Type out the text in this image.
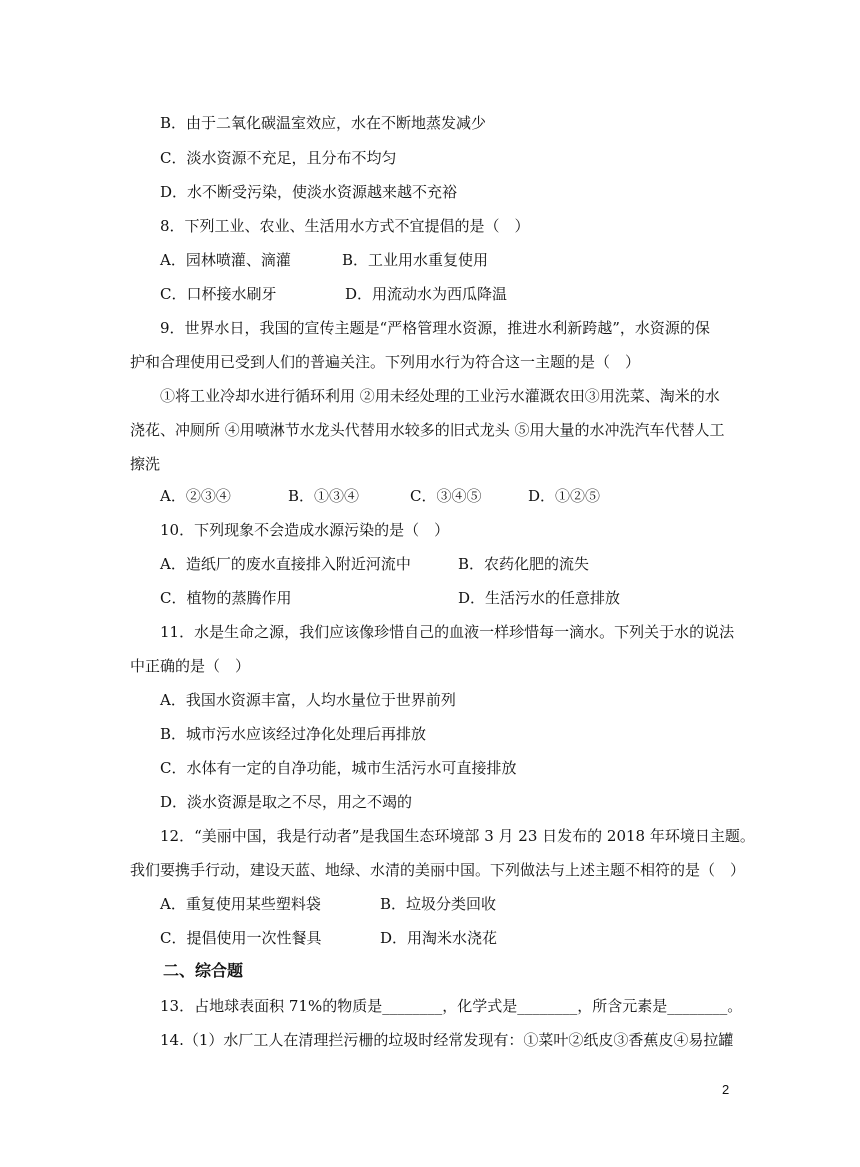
B．由于二氧化碳温室效应，水在不断地蒸发减少
C．淡水资源不充足，且分布不均匀
D．水不断受污染，使淡水资源越来越不充裕
8．下列工业、农业、生活用水方式不宜提倡的是（　）
A．园林喷灌、滴灌	B．工业用水重复使用
C．口杯接水刷牙	D．用流动水为西瓜降温
9．世界水日，我国的宣传主题是“严格管理水资源，推进水利新跨越”，水资源的保
护和合理使用已受到人们的普遍关注。下列用水行为符合这一主题的是（　）
①将工业冷却水进行循环利用 ②用未经处理的工业污水灌溉农田③用洗菜、淘米的水
浇花、冲厕所 ④用喷淋节水龙头代替用水较多的旧式龙头 ⑤用大量的水冲洗汽车代替人工
擦洗
A．②③④	B．①③④	C．③④⑤	D．①②⑤
10．下列现象不会造成水源污染的是（　）
A．造纸厂的废水直接排入附近河流中	B．农药化肥的流失
C．植物的蒸腾作用	D．生活污水的任意排放
11．水是生命之源，我们应该像珍惜自己的血液一样珍惜每一滴水。下列关于水的说法
中正确的是（　）
A．我国水资源丰富，人均水量位于世界前列
B．城市污水应该经过净化处理后再排放
C．水体有一定的自净功能，城市生活污水可直接排放
D．淡水资源是取之不尽，用之不竭的
12．“美丽中国，我是行动者”是我国生态环境部 3 月 23 日发布的 2018 年环境日主题。
我们要携手行动，建设天蓝、地绿、水清的美丽中国。下列做法与上述主题不相符的是（　）
A．重复使用某些塑料袋	B．垃圾分类回收
C．提倡使用一次性餐具	D．用淘米水浇花
二、综合题
13．占地球表面积 71%的物质是________，化学式是________，所含元素是________。
14.（1）水厂工人在清理拦污栅的垃圾时经常发现有：①菜叶②纸皮③香蕉皮④易拉罐
2
